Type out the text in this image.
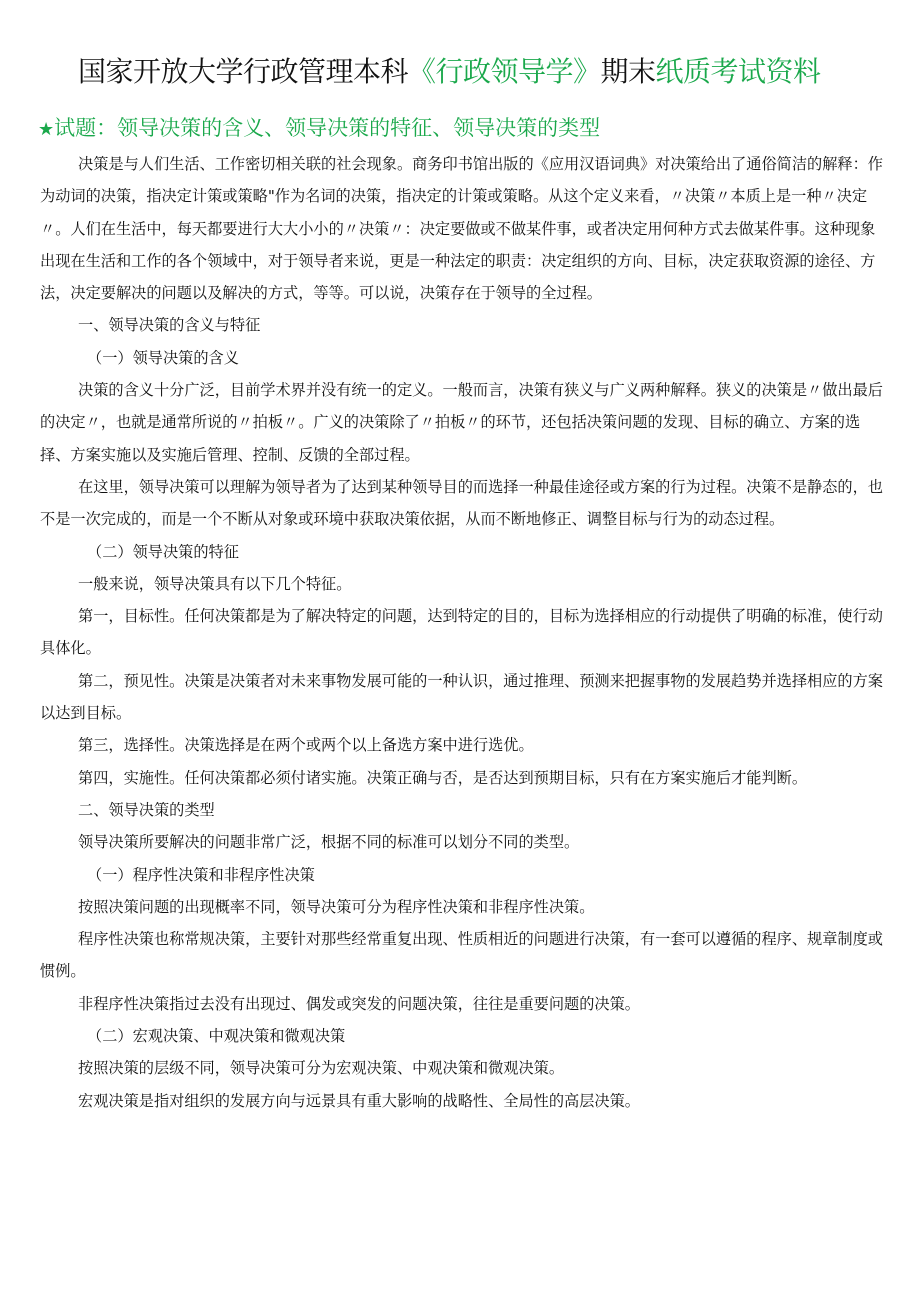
国家开放大学行政管理本科《行政领导学》期末纸质考试资料
★试题：领导决策的含义、领导决策的特征、领导决策的类型

决策是与人们生活、工作密切相关联的社会现象。商务印书馆出版的《应用汉语词典》对决策给出了通俗简洁的解释：作为动词的决策，指决定计策或策略"作为名词的决策，指决定的计策或策略。从这个定义来看，〃决策〃本质上是一种〃决定〃。人们在生活中，每天都要进行大大小小的〃决策〃：决定要做或不做某件事，或者决定用何种方式去做某件事。这种现象出现在生活和工作的各个领域中，对于领导者来说，更是一种法定的职责：决定组织的方向、目标，决定获取资源的途径、方法，决定要解决的问题以及解决的方式，等等。可以说，决策存在于领导的全过程。

一、领导决策的含义与特征

（一）领导决策的含义

决策的含义十分广泛，目前学术界并没有统一的定义。一般而言，决策有狭义与广义两种解释。狭义的决策是〃做出最后的决定〃，也就是通常所说的〃拍板〃。广义的决策除了〃拍板〃的环节，还包括决策问题的发现、目标的确立、方案的选择、方案实施以及实施后管理、控制、反馈的全部过程。

在这里，领导决策可以理解为领导者为了达到某种领导目的而选择一种最佳途径或方案的行为过程。决策不是静态的，也不是一次完成的，而是一个不断从对象或环境中获取决策依据，从而不断地修正、调整目标与行为的动态过程。

（二）领导决策的特征

一般来说，领导决策具有以下几个特征。

第一，目标性。任何决策都是为了解决特定的问题，达到特定的目的，目标为选择相应的行动提供了明确的标准，使行动具体化。

第二，预见性。决策是决策者对未来事物发展可能的一种认识，通过推理、预测来把握事物的发展趋势并选择相应的方案以达到目标。

第三，选择性。决策选择是在两个或两个以上备选方案中进行选优。

第四，实施性。任何决策都必须付诸实施。决策正确与否，是否达到预期目标，只有在方案实施后才能判断。

二、领导决策的类型

领导决策所要解决的问题非常广泛，根据不同的标准可以划分不同的类型。

（一）程序性决策和非程序性决策

按照决策问题的出现概率不同，领导决策可分为程序性决策和非程序性决策。

程序性决策也称常规决策，主要针对那些经常重复出现、性质相近的问题进行决策，有一套可以遵循的程序、规章制度或惯例。

非程序性决策指过去没有出现过、偶发或突发的问题决策，往往是重要问题的决策。

（二）宏观决策、中观决策和微观决策

按照决策的层级不同，领导决策可分为宏观决策、中观决策和微观决策。

宏观决策是指对组织的发展方向与远景具有重大影响的战略性、全局性的高层决策。
